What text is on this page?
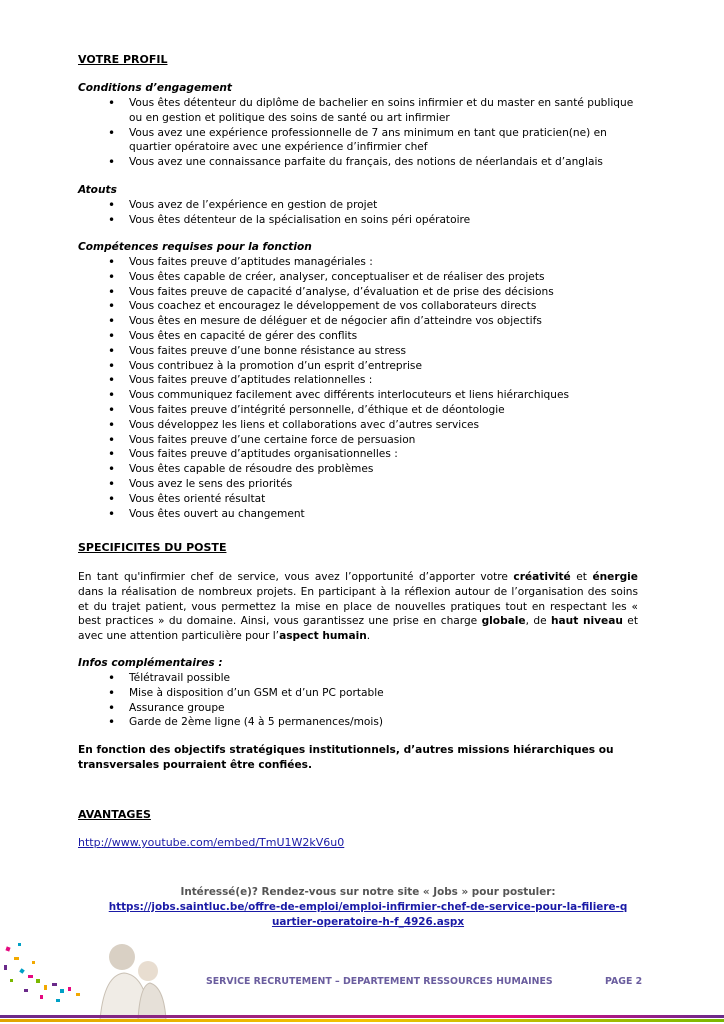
VOTRE PROFIL
Conditions d’engagement
• Vous êtes détenteur du diplôme de bachelier en soins infirmier et du master en santé publique ou en gestion et politique des soins de santé ou art infirmier
• Vous avez une expérience professionnelle de 7 ans minimum en tant que praticien(ne) en quartier opératoire avec une expérience d’infirmier chef
• Vous avez une connaissance parfaite du français, des notions de néerlandais et d’anglais
Atouts
• Vous avez de l’expérience en gestion de projet
• Vous êtes détenteur de la spécialisation en soins péri opératoire
Compétences requises pour la fonction
• Vous faites preuve d’aptitudes managériales :
• Vous êtes capable de créer, analyser, conceptualiser et de réaliser des projets
• Vous faites preuve de capacité d’analyse, d’évaluation et de prise des décisions
• Vous coachez et encouragez le développement de vos collaborateurs directs
• Vous êtes en mesure de déléguer et de négocier afin d’atteindre vos objectifs
• Vous êtes en capacité de gérer des conflits
• Vous faites preuve d’une bonne résistance au stress
• Vous contribuez à la promotion d’un esprit d’entreprise
• Vous faites preuve d’aptitudes relationnelles :
• Vous communiquez facilement avec différents interlocuteurs et liens hiérarchiques
• Vous faites preuve d’intégrité personnelle, d’éthique et de déontologie
• Vous développez les liens et collaborations avec d’autres services
• Vous faites preuve d’une certaine force de persuasion
• Vous faites preuve d’aptitudes organisationnelles :
• Vous êtes capable de résoudre des problèmes
• Vous avez le sens des priorités
• Vous êtes orienté résultat
• Vous êtes ouvert au changement
SPECIFICITES DU POSTE
En tant qu'infirmier chef de service, vous avez l’opportunité d’apporter votre créativité et énergie dans la réalisation de nombreux projets. En participant à la réflexion autour de l’organisation des soins et du trajet patient, vous permettez la mise en place de nouvelles pratiques tout en respectant les « best practices » du domaine. Ainsi, vous garantissez une prise en charge globale, de haut niveau et avec une attention particulière pour l’aspect humain.
Infos complémentaires :
• Télétravail possible
• Mise à disposition d’un GSM et d’un PC portable
• Assurance groupe
• Garde de 2ème ligne (4 à 5 permanences/mois)
En fonction des objectifs stratégiques institutionnels, d’autres missions hiérarchiques ou transversales pourraient être confiées.
AVANTAGES
http://www.youtube.com/embed/TmU1W2kV6u0
Intéressé(e)? Rendez-vous sur notre site « Jobs » pour postuler:
https://jobs.saintluc.be/offre-de-emploi/emploi-infirmier-chef-de-service-pour-la-filiere-quartier-operatoire-h-f_4926.aspx
SERVICE RECRUTEMENT – DEPARTEMENT RESSOURCES HUMAINES	PAGE 2
